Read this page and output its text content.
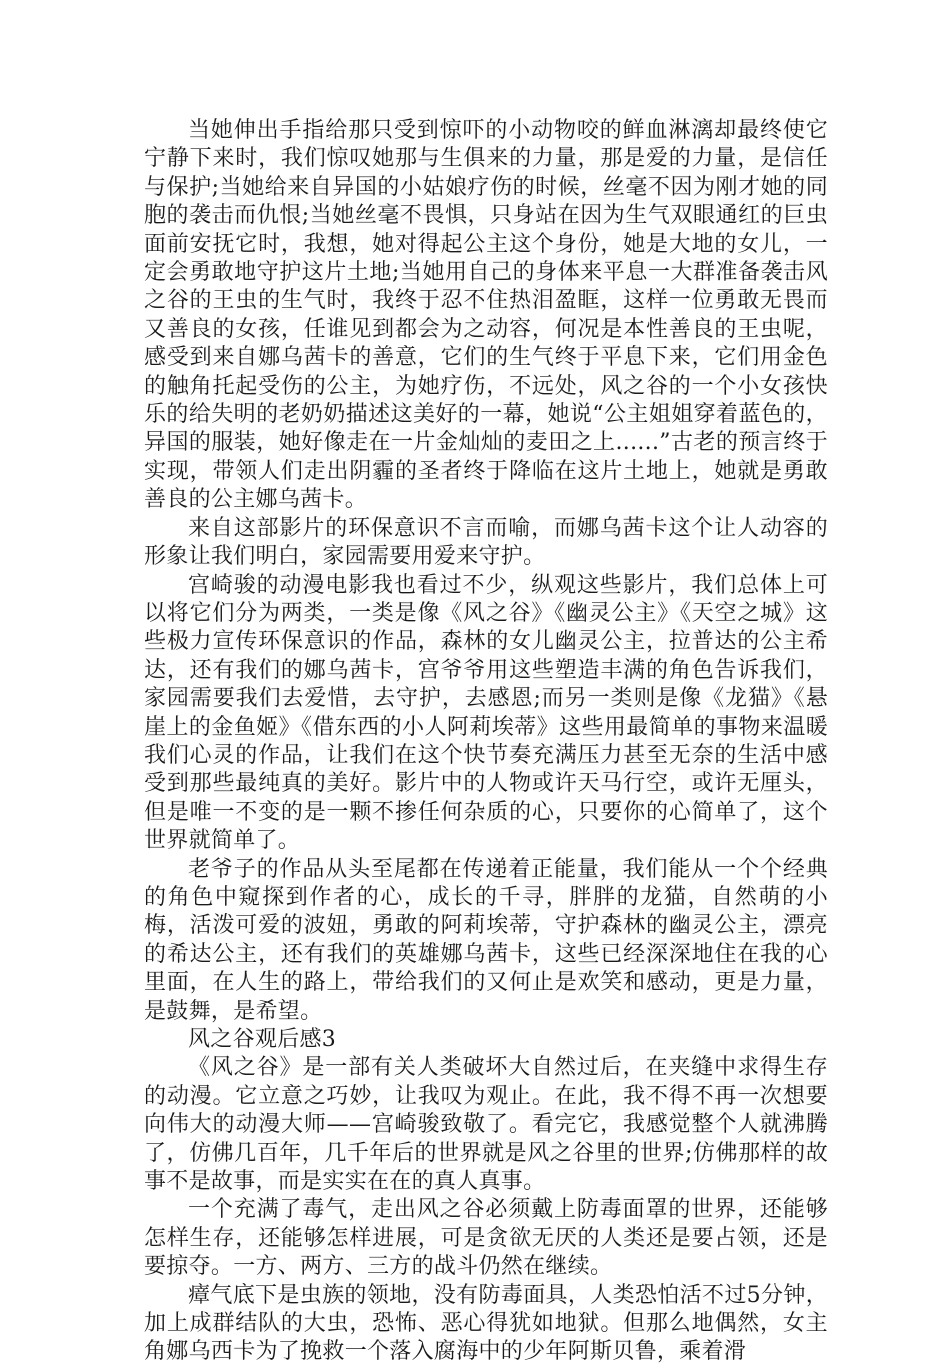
当她伸出手指给那只受到惊吓的小动物咬的鲜血淋漓却最终使它宁静下来时，我们惊叹她那与生俱来的力量，那是爱的力量，是信任与保护;当她给来自异国的小姑娘疗伤的时候，丝毫不因为刚才她的同胞的袭击而仇恨;当她丝毫不畏惧，只身站在因为生气双眼通红的巨虫面前安抚它时，我想，她对得起公主这个身份，她是大地的女儿，一定会勇敢地守护这片土地;当她用自己的身体来平息一大群准备袭击风之谷的王虫的生气时，我终于忍不住热泪盈眶，这样一位勇敢无畏而又善良的女孩，任谁见到都会为之动容，何况是本性善良的王虫呢，感受到来自娜乌茜卡的善意，它们的生气终于平息下来，它们用金色的触角托起受伤的公主，为她疗伤，不远处，风之谷的一个小女孩快乐的给失明的老奶奶描述这美好的一幕，她说“公主姐姐穿着蓝色的，异国的服装，她好像走在一片金灿灿的麦田之上......”古老的预言终于实现，带领人们走出阴霾的圣者终于降临在这片土地上，她就是勇敢善良的公主娜乌茜卡。

来自这部影片的环保意识不言而喻，而娜乌茜卡这个让人动容的形象让我们明白，家园需要用爱来守护。

宫崎骏的动漫电影我也看过不少，纵观这些影片，我们总体上可以将它们分为两类，一类是像《风之谷》《幽灵公主》《天空之城》这些极力宣传环保意识的作品，森林的女儿幽灵公主，拉普达的公主希达，还有我们的娜乌茜卡，宫爷爷用这些塑造丰满的角色告诉我们，家园需要我们去爱惜，去守护，去感恩;而另一类则是像《龙猫》《悬崖上的金鱼姬》《借东西的小人阿莉埃蒂》这些用最简单的事物来温暖我们心灵的作品，让我们在这个快节奏充满压力甚至无奈的生活中感受到那些最纯真的美好。影片中的人物或许天马行空，或许无厘头，但是唯一不变的是一颗不掺任何杂质的心，只要你的心简单了，这个世界就简单了。

老爷子的作品从头至尾都在传递着正能量，我们能从一个个经典的角色中窥探到作者的心，成长的千寻，胖胖的龙猫，自然萌的小梅，活泼可爱的波妞，勇敢的阿莉埃蒂，守护森林的幽灵公主，漂亮的希达公主，还有我们的英雄娜乌茜卡，这些已经深深地住在我的心里面，在人生的路上，带给我们的又何止是欢笑和感动，更是力量，是鼓舞，是希望。

风之谷观后感3

《风之谷》是一部有关人类破坏大自然过后，在夹缝中求得生存的动漫。它立意之巧妙，让我叹为观止。在此，我不得不再一次想要向伟大的动漫大师——宫崎骏致敬了。看完它，我感觉整个人就沸腾了，仿佛几百年，几千年后的世界就是风之谷里的世界;仿佛那样的故事不是故事，而是实实在在的真人真事。

一个充满了毒气，走出风之谷必须戴上防毒面罩的世界，还能够怎样生存，还能够怎样进展，可是贪欲无厌的人类还是要占领，还是要掠夺。一方、两方、三方的战斗仍然在继续。

瘴气底下是虫族的领地，没有防毒面具，人类恐怕活不过5分钟，加上成群结队的大虫，恐怖、恶心得犹如地狱。但那么地偶然，女主角娜乌西卡为了挽救一个落入腐海中的少年阿斯贝鲁，乘着滑
